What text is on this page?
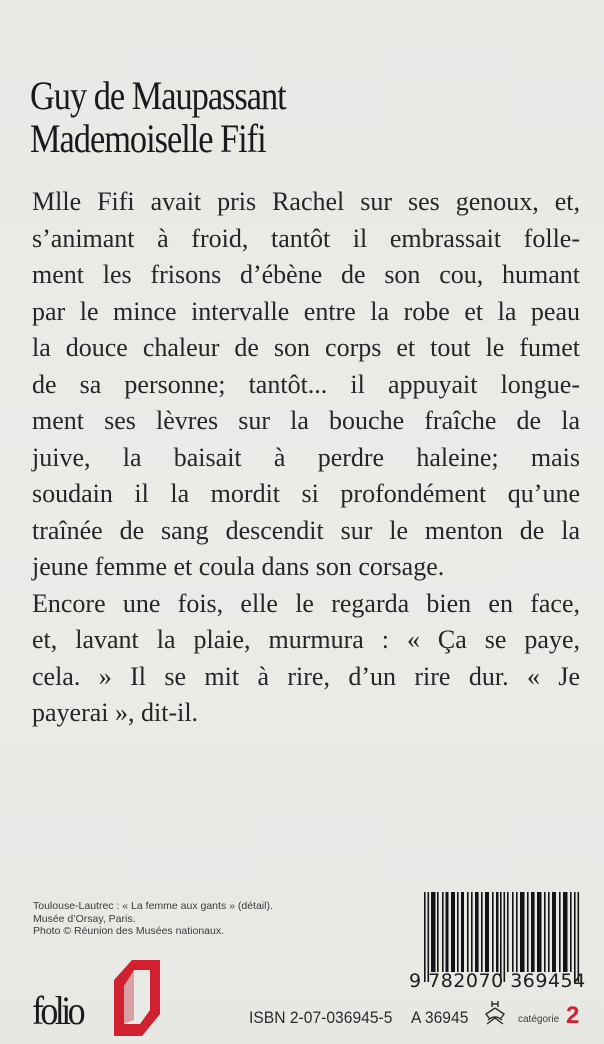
Guy de Maupassant
Mademoiselle Fifi
Mlle Fifi avait pris Rachel sur ses genoux, et,
s’animant à froid, tantôt il embrassait folle-
ment les frisons d’ébène de son cou, humant
par le mince intervalle entre la robe et la peau
la douce chaleur de son corps et tout le fumet
de sa personne; tantôt... il appuyait longue-
ment ses lèvres sur la bouche fraîche de la
juive, la baisait à perdre haleine; mais
soudain il la mordit si profondément qu’une
traînée de sang descendit sur le menton de la
jeune femme et coula dans son corsage.
Encore une fois, elle le regarda bien en face,
et, lavant la plaie, murmura : « Ça se paye,
cela. » Il se mit à rire, d’un rire dur. « Je
payerai », dit-il.
Toulouse-Lautrec : « La femme aux gants » (détail).
Musée d’Orsay, Paris.
Photo © Réunion des Musées nationaux.
folio
9 782070 369454
ISBN 2-07-036945-5 A 36945	catégorie 2
